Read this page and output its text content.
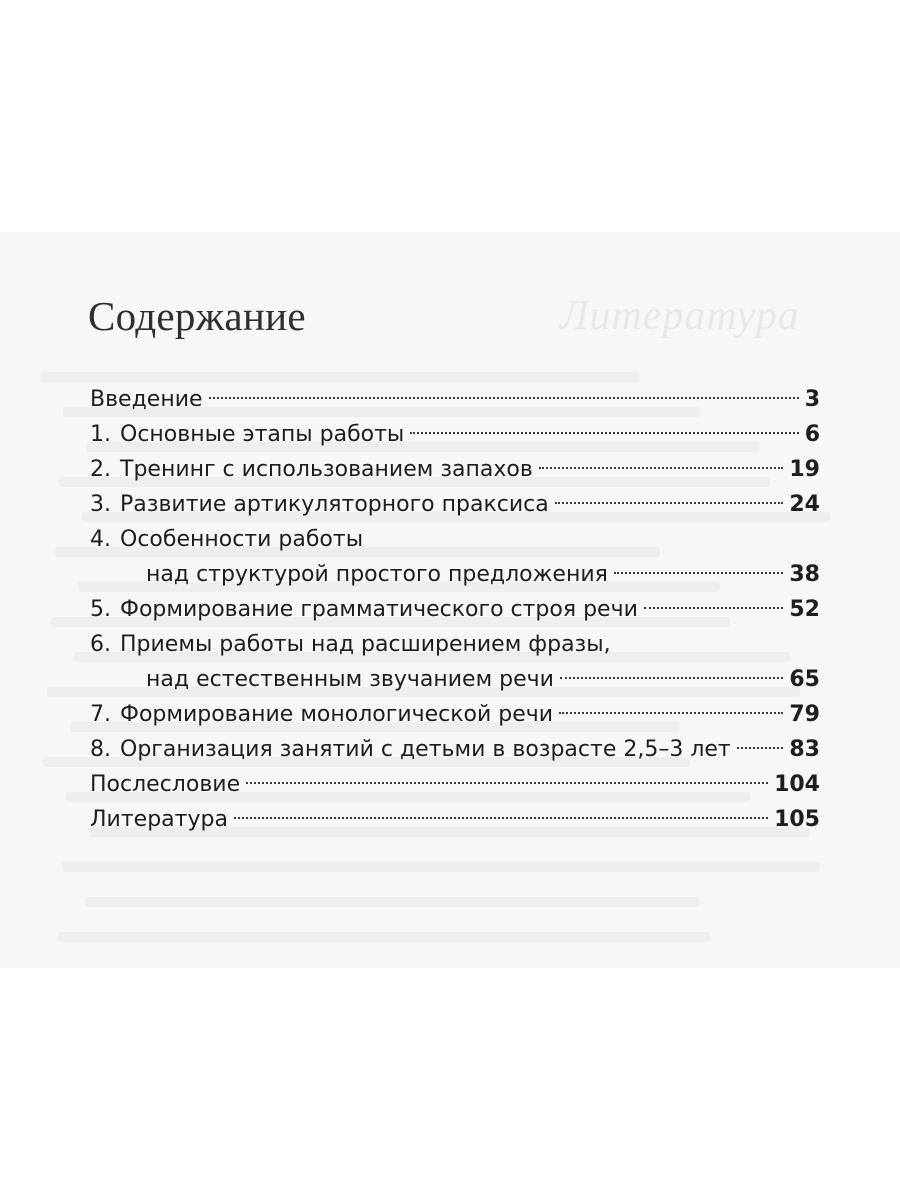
Литература
Содержание
Введение	3
1. Основные этапы работы	6
2. Тренинг с использованием запахов	19
3. Развитие артикуляторного праксиса	24
4. Особенности работы
над структурой простого предложения	38
5. Формирование грамматического строя речи	52
6. Приемы работы над расширением фразы,
над естественным звучанием речи	65
7. Формирование монологической речи	79
8. Организация занятий с детьми в возрасте 2,5–3 лет	83
Послесловие	104
Литература	105
